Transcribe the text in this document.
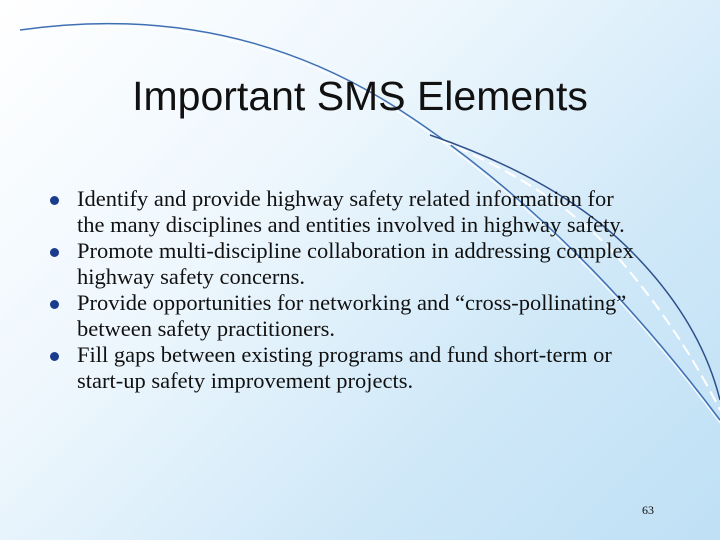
Important SMS Elements
Identify and provide highway safety related information for the many disciplines and entities involved in highway safety.
Promote multi-discipline collaboration in addressing complex highway safety concerns.
Provide opportunities for networking and “cross-pollinating” between safety practitioners.
Fill gaps between existing programs and fund short-term or start-up safety improvement projects.
63
